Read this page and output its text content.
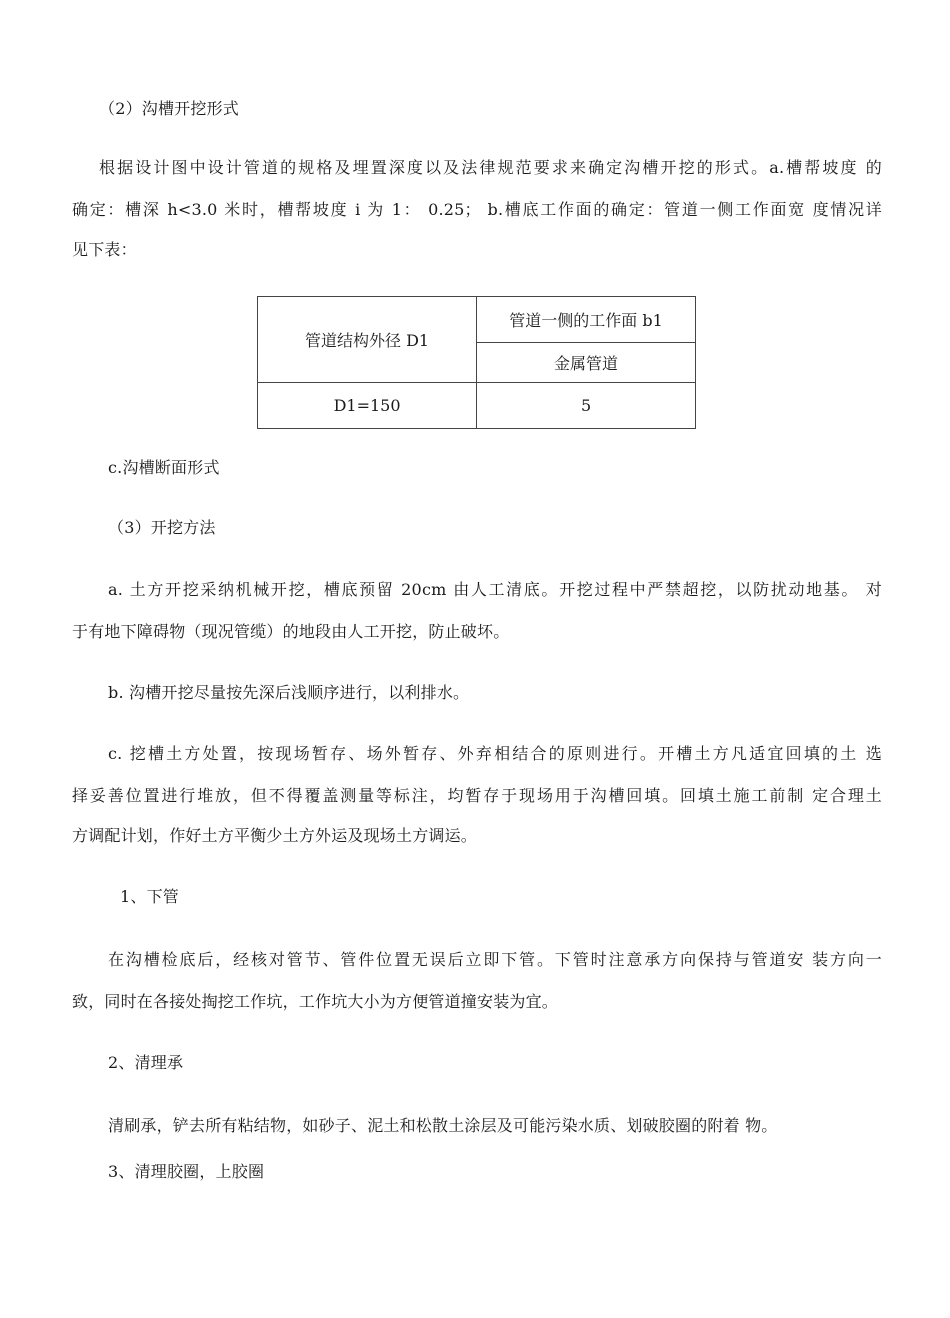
（2）沟槽开挖形式
根据设计图中设计管道的规格及埋置深度以及法律规范要求来确定沟槽开挖的形式。a.槽帮坡度 的
确定：槽深 h<3.0 米时，槽帮坡度 i 为 1： 0.25； b.槽底工作面的确定：管道一侧工作面宽 度情况详
见下表：
管道结构外径 D1	管道一侧的工作面 b1
	金属管道
D1=150	5
c.沟槽断面形式
（3）开挖方法
a. 土方开挖采纳机械开挖，槽底预留 20cm 由人工清底。开挖过程中严禁超挖，以防扰动地基。 对
于有地下障碍物（现况管缆）的地段由人工开挖，防止破坏。
b. 沟槽开挖尽量按先深后浅顺序进行，以利排水。
c. 挖槽土方处置，按现场暂存、场外暂存、外弃相结合的原则进行。开槽土方凡适宜回填的土 选
择妥善位置进行堆放，但不得覆盖测量等标注，均暂存于现场用于沟槽回填。回填土施工前制 定合理土
方调配计划，作好土方平衡少土方外运及现场土方调运。
1、下管
在沟槽检底后，经核对管节、管件位置无误后立即下管。下管时注意承方向保持与管道安 装方向一
致，同时在各接处掏挖工作坑，工作坑大小为方便管道撞安装为宜。
2、清理承
清刷承，铲去所有粘结物，如砂子、泥土和松散土涂层及可能污染水质、划破胶圈的附着 物。
3、清理胶圈，上胶圈
